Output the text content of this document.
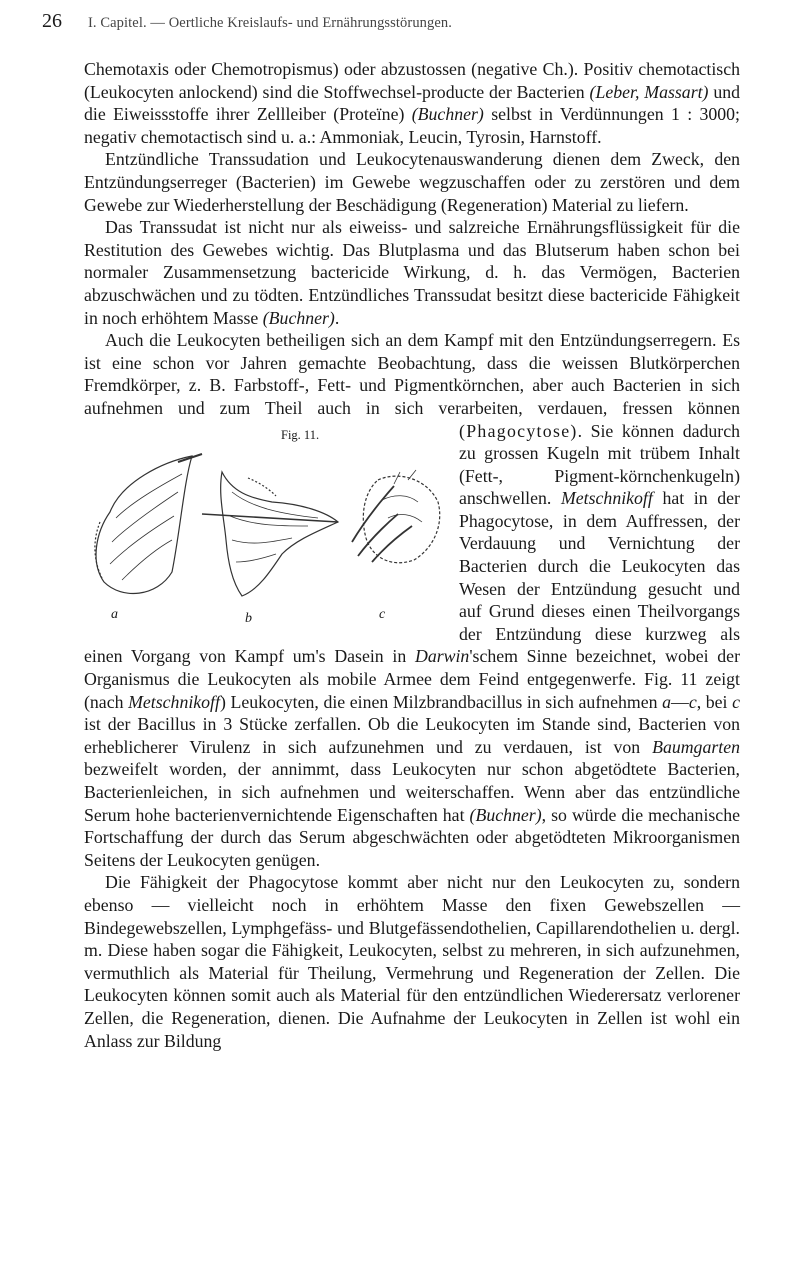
26	I. Capitel. — Oertliche Kreislaufs- und Ernährungsstörungen.

Chemotaxis oder Chemotropismus) oder abzustossen (negative Ch.). Positiv chemotactisch (Leukocyten anlockend) sind die Stoffwechsel-producte der Bacterien (Leber, Massart) und die Eiweissstoffe ihrer Zellleiber (Proteïne) (Buchner) selbst in Verdünnungen 1 : 3000; negativ chemotactisch sind u. a.: Ammoniak, Leucin, Tyrosin, Harnstoff.

Entzündliche Transsudation und Leukocytenauswanderung dienen dem Zweck, den Entzündungserreger (Bacterien) im Gewebe wegzuschaffen oder zu zerstören und dem Gewebe zur Wiederherstellung der Beschädigung (Regeneration) Material zu liefern.

Das Transsudat ist nicht nur als eiweiss- und salzreiche Ernährungsflüssigkeit für die Restitution des Gewebes wichtig. Das Blutplasma und das Blutserum haben schon bei normaler Zusammensetzung bactericide Wirkung, d. h. das Vermögen, Bacterien abzuschwächen und zu tödten. Entzündliches Transsudat besitzt diese bactericide Fähigkeit in noch erhöhtem Masse (Buchner).

Auch die Leukocyten betheiligen sich an dem Kampf mit den Entzündungserregern. Es ist eine schon vor Jahren gemachte Beobachtung, dass die weissen Blutkörperchen Fremdkörper, z. B. Farbstoff-, Fett- und Pigmentkörnchen, aber auch Bacterien in sich aufnehmen und zum Theil auch in sich verarbeiten, verdauen, fressen können
Fig. 11.
a	b	c
(Phagocytose). Sie können dadurch zu grossen Kugeln mit trübem Inhalt (Fett-, Pigment-körnchenkugeln) anschwellen. Metschnikoff hat in der Phagocytose, in dem Auffressen, der Verdauung und Vernichtung der Bacterien durch die Leukocyten das Wesen der Entzündung gesucht und auf Grund dieses einen Theilvorgangs der Entzündung diese kurzweg als einen Vorgang von Kampf um's Dasein in Darwin'schem Sinne bezeichnet, wobei der Organismus die Leukocyten als mobile Armee dem Feind entgegenwerfe. Fig. 11 zeigt (nach Metschnikoff) Leukocyten, die einen Milzbrandbacillus in sich aufnehmen a—c, bei c ist der Bacillus in 3 Stücke zerfallen. Ob die Leukocyten im Stande sind, Bacterien von erheblicherer Virulenz in sich aufzunehmen und zu verdauen, ist von Baumgarten bezweifelt worden, der annimmt, dass Leukocyten nur schon abgetödtete Bacterien, Bacterienleichen, in sich aufnehmen und weiterschaffen. Wenn aber das entzündliche Serum hohe bacterienvernichtende Eigenschaften hat (Buchner), so würde die mechanische Fortschaffung der durch das Serum abgeschwächten oder abgetödteten Mikroorganismen Seitens der Leukocyten genügen.

Die Fähigkeit der Phagocytose kommt aber nicht nur den Leukocyten zu, sondern ebenso — vielleicht noch in erhöhtem Masse den fixen Gewebszellen — Bindegewebszellen, Lymphgefäss- und Blutgefässendothelien, Capillarendothelien u. dergl. m. Diese haben sogar die Fähigkeit, Leukocyten, selbst zu mehreren, in sich aufzunehmen, vermuthlich als Material für Theilung, Vermehrung und Regeneration der Zellen. Die Leukocyten können somit auch als Material für den entzündlichen Wiederersatz verlorener Zellen, die Regeneration, dienen. Die Aufnahme der Leukocyten in Zellen ist wohl ein Anlass zur Bildung
